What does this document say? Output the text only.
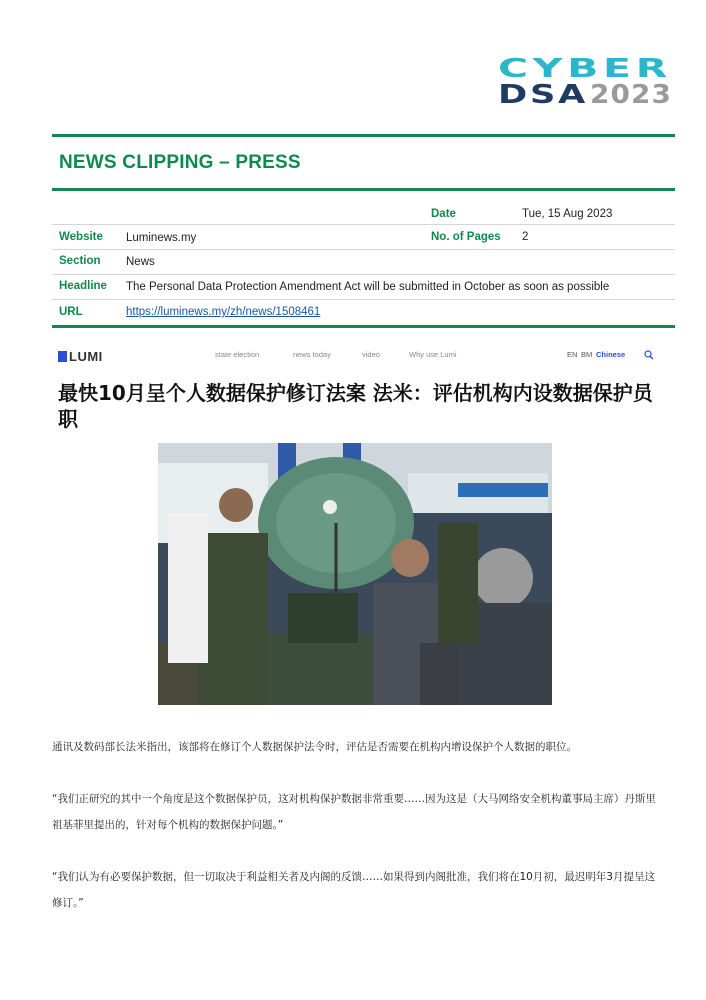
CYBER
DSA 2023
NEWS CLIPPING – PRESS
Date	Tue, 15 Aug 2023
Website Luminews.my	No. of Pages 2
Section News
Headline The Personal Data Protection Amendment Act will be submitted in October as soon as possible
URL	https://luminews.my/zh/news/1508461
LUMI	state election	news today	video	Why use Lumi	EN BM Chinese
最快10月呈个人数据保护修订法案 法米：评估机构内设数据保护员职
通讯及数码部长法米指出，该部将在修订个人数据保护法令时，评估是否需要在机构内增设保护个人数据的职位。
“我们正研究的其中一个角度是这个数据保护员，这对机构保护数据非常重要……因为这是（大马网络安全机构董事局主席）丹斯里祖基菲里提出的，针对每个机构的数据保护问题。”
“我们认为有必要保护数据，但一切取决于利益相关者及内阁的反馈……如果得到内阁批准，我们将在10月初，最迟明年3月提呈这修订。”
